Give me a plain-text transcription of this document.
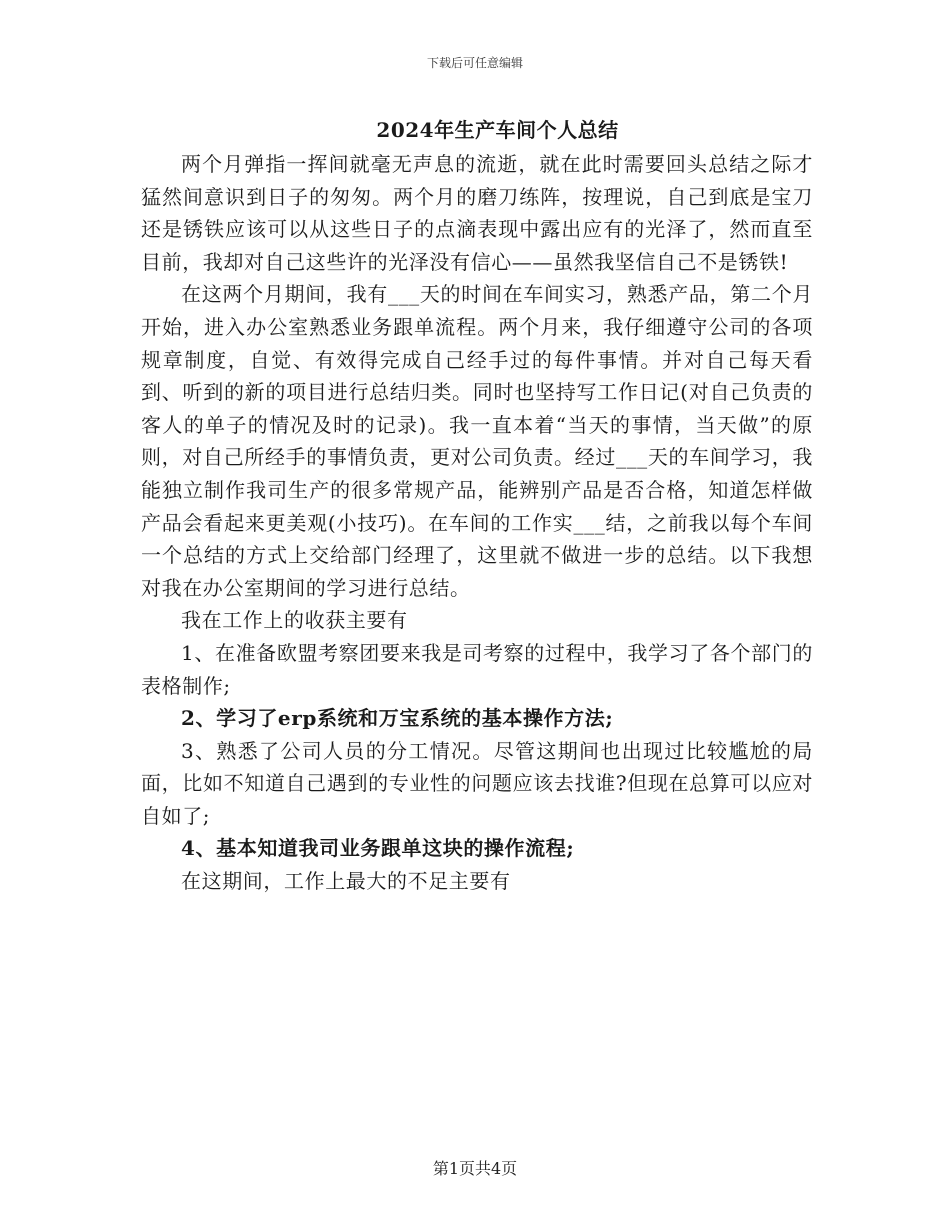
下载后可任意编辑
2024年生产车间个人总结

两个月弹指一挥间就毫无声息的流逝，就在此时需要回头总结之际才猛然间意识到日子的匆匆。两个月的磨刀练阵，按理说，自己到底是宝刀还是锈铁应该可以从这些日子的点滴表现中露出应有的光泽了，然而直至目前，我却对自己这些许的光泽没有信心——虽然我坚信自己不是锈铁!

在这两个月期间，我有___天的时间在车间实习，熟悉产品，第二个月开始，进入办公室熟悉业务跟单流程。两个月来，我仔细遵守公司的各项规章制度，自觉、有效得完成自己经手过的每件事情。并对自己每天看到、听到的新的项目进行总结归类。同时也坚持写工作日记(对自己负责的客人的单子的情况及时的记录)。我一直本着“当天的事情，当天做”的原则，对自己所经手的事情负责，更对公司负责。经过___天的车间学习，我能独立制作我司生产的很多常规产品，能辨别产品是否合格，知道怎样做产品会看起来更美观(小技巧)。在车间的工作实___结，之前我以每个车间一个总结的方式上交给部门经理了，这里就不做进一步的总结。以下我想对我在办公室期间的学习进行总结。

我在工作上的收获主要有

1、在准备欧盟考察团要来我是司考察的过程中，我学习了各个部门的表格制作;

2、学习了erp系统和万宝系统的基本操作方法;

3、熟悉了公司人员的分工情况。尽管这期间也出现过比较尴尬的局面，比如不知道自己遇到的专业性的问题应该去找谁?但现在总算可以应对自如了;

4、基本知道我司业务跟单这块的操作流程;

在这期间，工作上最大的不足主要有

第1页共4页
